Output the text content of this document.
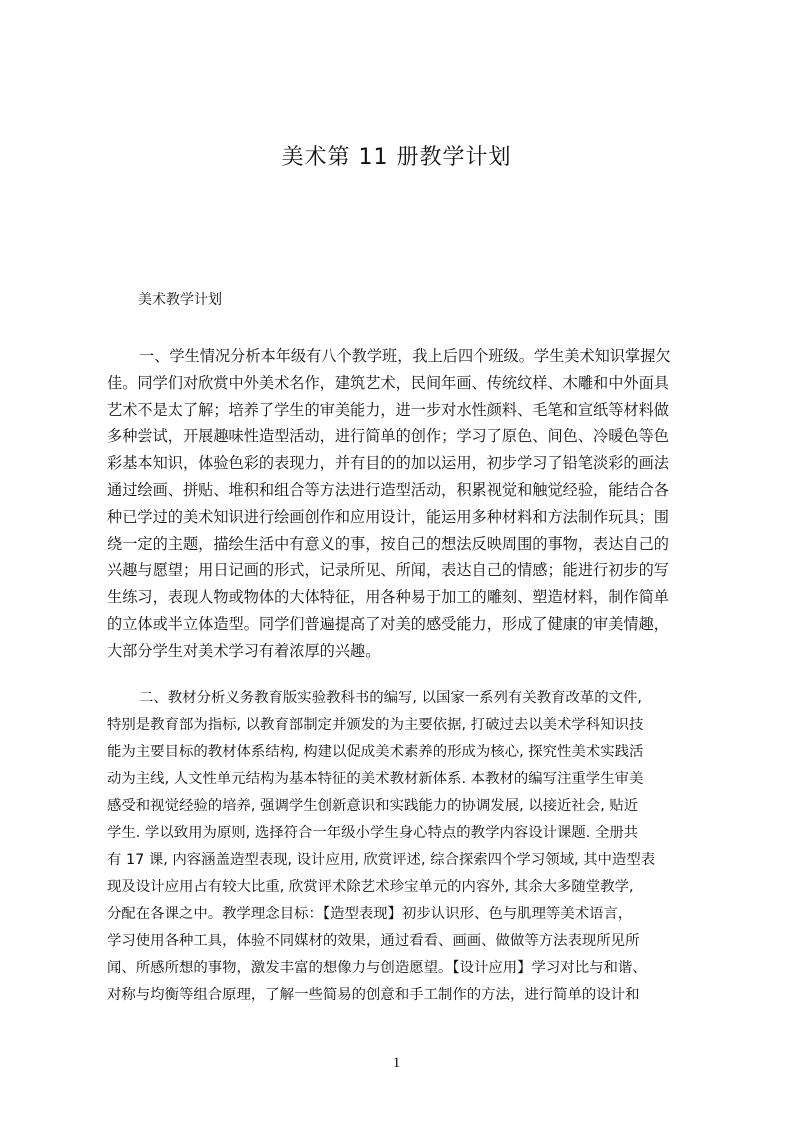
美术第 11 册教学计划
美术教学计划
一、学生情况分析本年级有八个教学班，我上后四个班级。学生美术知识掌握欠
佳。同学们对欣赏中外美术名作，建筑艺术，民间年画、传统纹样、木雕和中外面具
艺术不是太了解；培养了学生的审美能力，进一步对水性颜料、毛笔和宣纸等材料做
多种尝试，开展趣味性造型活动，进行简单的创作；学习了原色、间色、冷暖色等色
彩基本知识，体验色彩的表现力，并有目的的加以运用，初步学习了铅笔淡彩的画法
通过绘画、拼贴、堆积和组合等方法进行造型活动，积累视觉和触觉经验，能结合各
种已学过的美术知识进行绘画创作和应用设计，能运用多种材料和方法制作玩具；围
绕一定的主题，描绘生活中有意义的事，按自己的想法反映周围的事物，表达自己的
兴趣与愿望；用日记画的形式，记录所见、所闻，表达自己的情感；能进行初步的写
生练习，表现人物或物体的大体特征，用各种易于加工的雕刻、塑造材料，制作简单
的立体或半立体造型。同学们普遍提高了对美的感受能力，形成了健康的审美情趣，
大部分学生对美术学习有着浓厚的兴趣。
二、教材分析义务教育版实验教科书的编写, 以国家一系列有关教育改革的文件,
特别是教育部为指标, 以教育部制定并颁发的为主要依据, 打破过去以美术学科知识技
能为主要目标的教材体系结构, 构建以促成美术素养的形成为核心, 探究性美术实践活
动为主线, 人文性单元结构为基本特征的美术教材新体系. 本教材的编写注重学生审美
感受和视觉经验的培养, 强调学生创新意识和实践能力的协调发展, 以接近社会, 贴近
学生. 学以致用为原则, 选择符合一年级小学生身心特点的教学内容设计课题. 全册共
有 17 课, 内容涵盖造型表现, 设计应用, 欣赏评述, 综合探索四个学习领域, 其中造型表
现及设计应用占有较大比重, 欣赏评术除艺术珍宝单元的内容外, 其余大多随堂教学,
分配在各课之中。教学理念目标：【造型表现】初步认识形、色与肌理等美术语言，
学习使用各种工具，体验不同媒材的效果，通过看看、画画、做做等方法表现所见所
闻、所感所想的事物，激发丰富的想像力与创造愿望。【设计应用】学习对比与和谐、
对称与均衡等组合原理，了解一些简易的创意和手工制作的方法，进行简单的设计和
1
